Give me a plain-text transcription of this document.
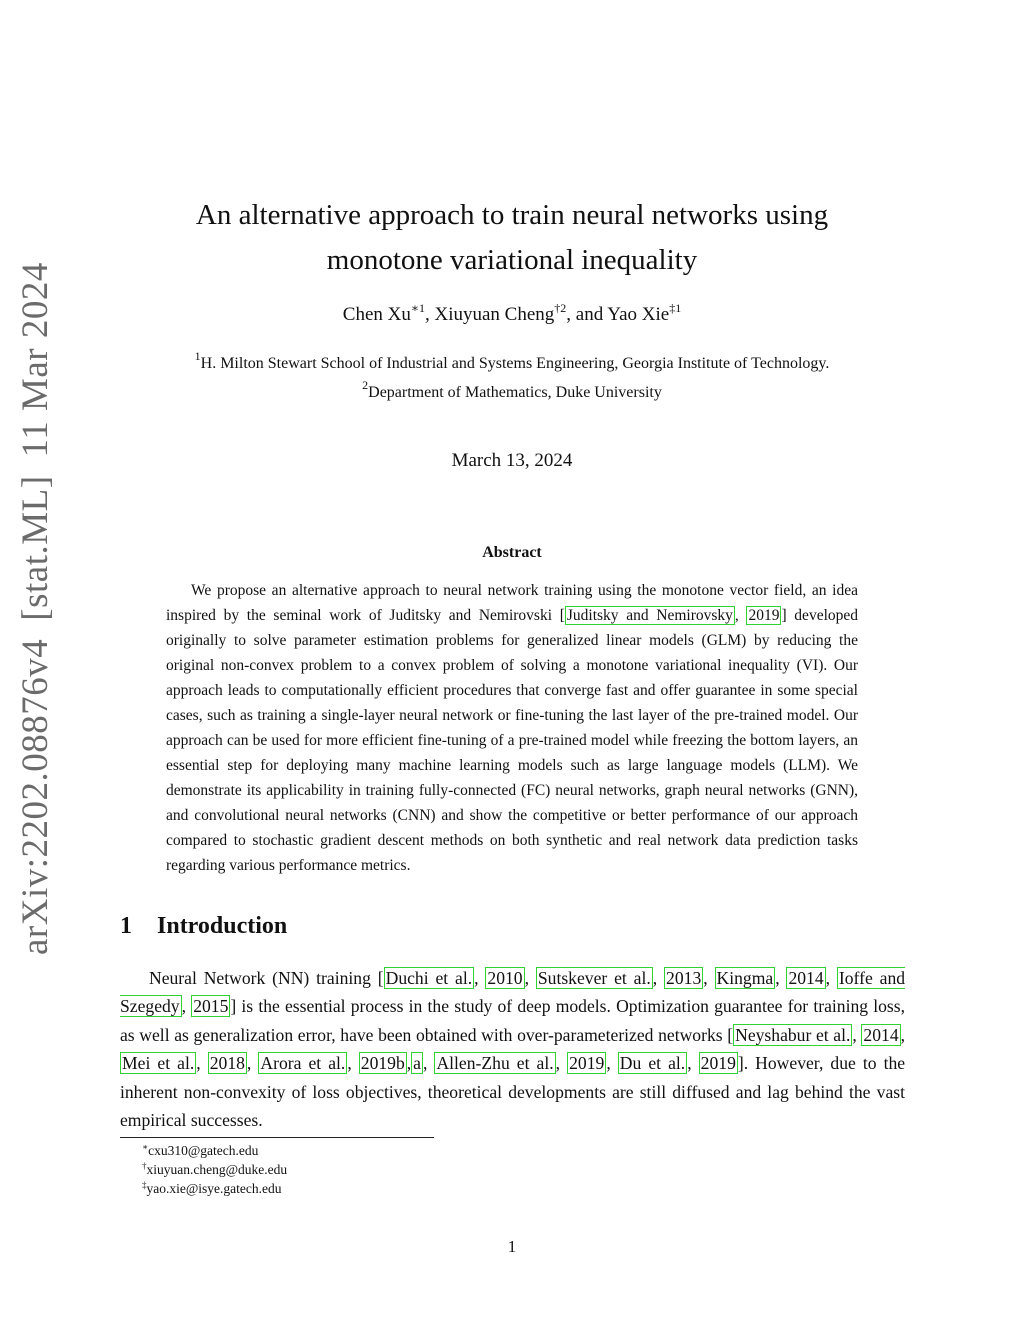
arXiv:2202.08876v4[stat.ML]11 Mar 2024
An alternative approach to train neural networks using
monotone variational inequality
Chen $Xu^{∗1}$, Xiuyuan Cheng$^{\dagger 2}$, and Yao Xie$^{\ddagger 1}$
$^1$H. Milton Stewart School of Industrial and Systems Engineering, Georgia Institute of Technology.
$^2$Department of Mathematics, Duke University
March 13, 2024
Abstract

We propose an alternative approach to neural network training using the monotone vector field, an idea inspired by the seminal work of Juditsky and Nemirovski [ Juditsky and Nemirovsky , 2019 ] developed originally to solve parameter estimation problems for generalized linear models (GLM) by reducing the original non-convex problem to a convex problem of solving a monotone variational inequality (VI). Our approach leads to computationally efficient procedures that converge fast and offer guarantee in some special cases, such as training a single-layer neural network or fine-tuning the last layer of the pre-trained model. Our approach can be used for more efficient fine-tuning of a pre-trained model while freezing the bottom layers, an essential step for deploying many machine learning models such as large language models (LLM). We demonstrate its applicability in training fully-connected (FC) neural networks, graph neural networks (GNN), and convolutional neural networks (CNN) and show the competitive or better performance of our approach compared to stochastic gradient descent methods on both synthetic and real network data prediction tasks regarding various performance metrics.

1 Introduction

Neural Network (NN) training [ Duchi et al. , 2010 , Sutskever et al. , 2013 , Kingma , 2014 , Ioffe and Szegedy , 2015 ] is the essential process in the study of deep models. Optimization guarantee for training loss, as well as generalization error, have been obtained with over-parameterized networks [ Neyshabur et al. , 2014 , Mei et al. , 2018 , Arora et al. , 2019b , a , Allen-Zhu et al. , 2019 , Du et al. , 2019 ]. However, due to the inherent non-convexity of loss objectives, theoretical developments are still diffused and lag behind the vast empirical successes.

∗cxu310@gatech.edu
†xiuyuan.cheng@duke.edu
‡yao.xie@isye.gatech.edu
1
